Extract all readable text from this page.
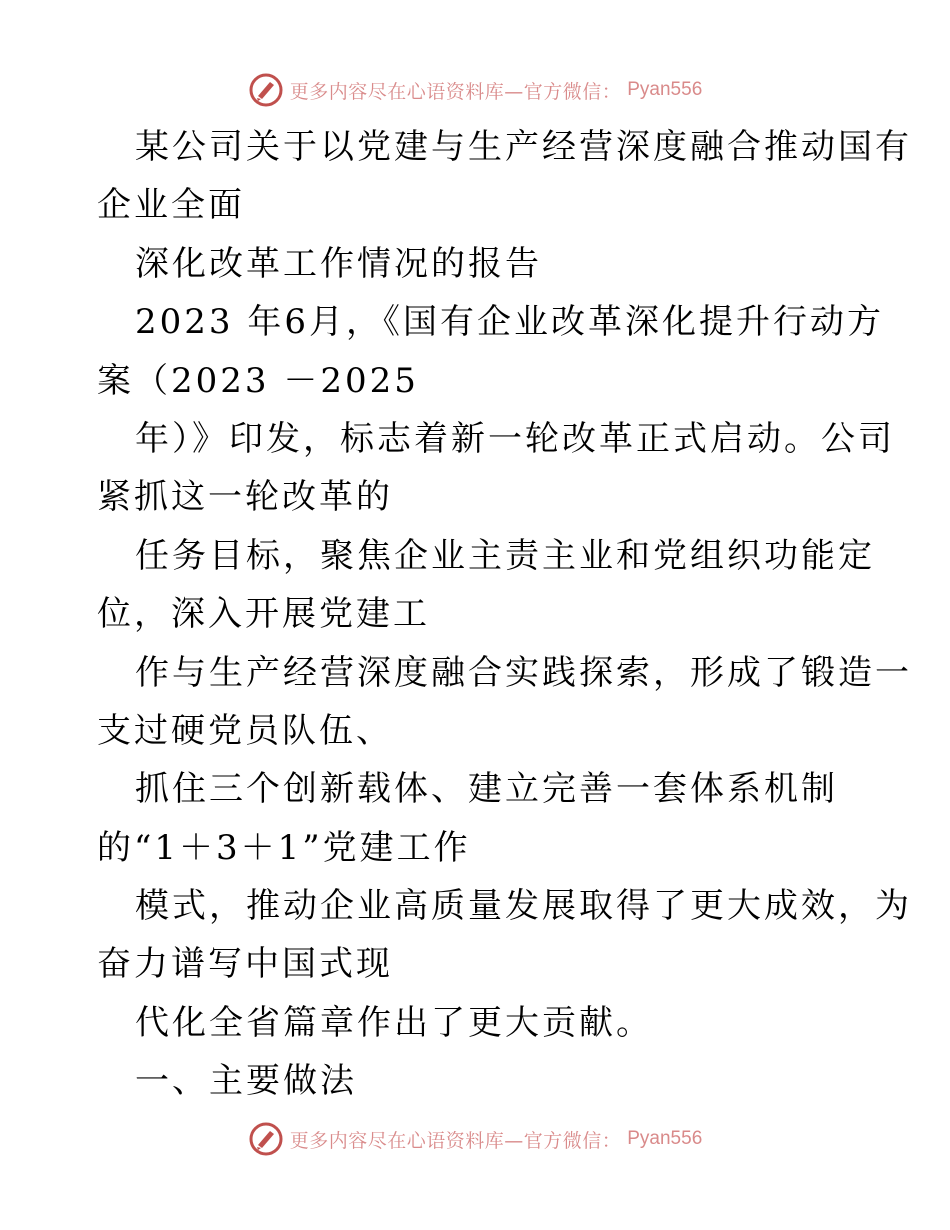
更多内容尽在心语资料库—官方微信： Pyan556
某公司关于以党建与生产经营深度融合推动国有
企业全面
深化改革工作情况的报告
2023 年6月，《国有企业改革深化提升行动方
案（2023 －2025
年）》印发，标志着新一轮改革正式启动。公司
紧抓这一轮改革的
任务目标，聚焦企业主责主业和党组织功能定
位，深入开展党建工
作与生产经营深度融合实践探索，形成了锻造一
支过硬党员队伍、
抓住三个创新载体、建立完善一套体系机制
的“1＋3＋1”党建工作
模式，推动企业高质量发展取得了更大成效，为
奋力谱写中国式现
代化全省篇章作出了更大贡献。
一、主要做法
更多内容尽在心语资料库—官方微信： Pyan556
